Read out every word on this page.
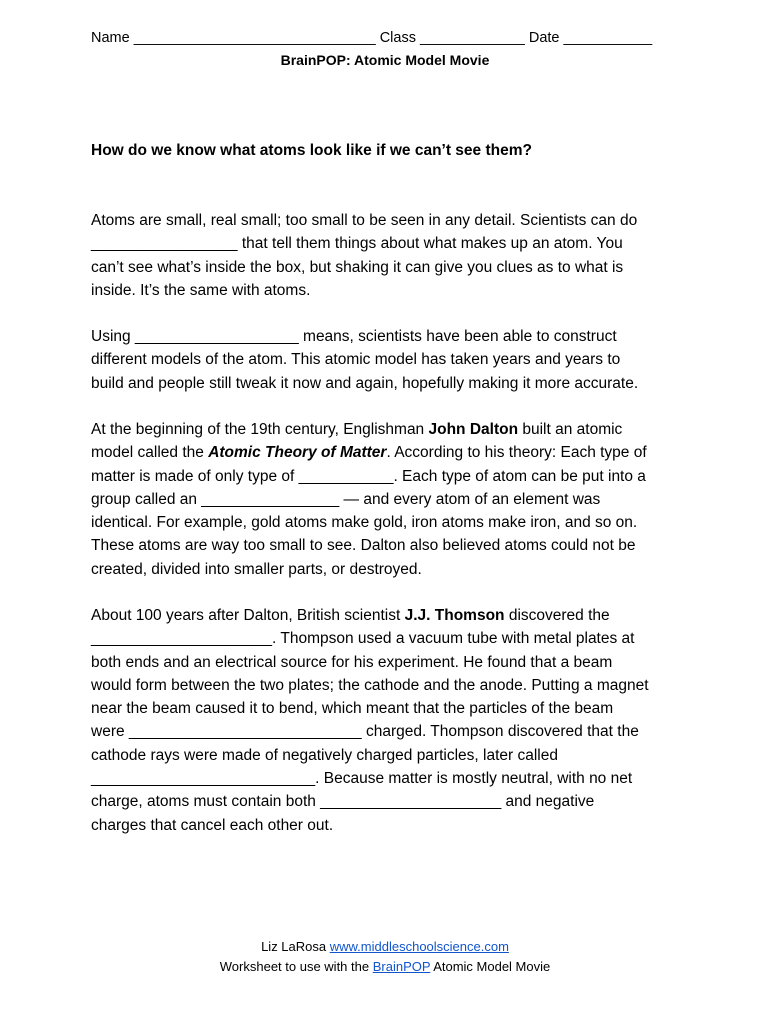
Name ______________________________ Class _____________ Date ___________
BrainPOP: Atomic Model Movie
How do we know what atoms look like if we can’t see them?
Atoms are small, real small; too small to be seen in any detail. Scientists can do
_________________ that tell them things about what makes up an atom. You
can’t see what’s inside the box, but shaking it can give you clues as to what is
inside. It’s the same with atoms.
Using ___________________ means, scientists have been able to construct
different models of the atom. This atomic model has taken years and years to
build and people still tweak it now and again, hopefully making it more accurate.
At the beginning of the 19th century, Englishman John Dalton built an atomic
model called the Atomic Theory of Matter. According to his theory: Each type of
matter is made of only type of ___________. Each type of atom can be put into a
group called an ________________ — and every atom of an element was
identical. For example, gold atoms make gold, iron atoms make iron, and so on.
These atoms are way too small to see. Dalton also believed atoms could not be
created, divided into smaller parts, or destroyed.
About 100 years after Dalton, British scientist J.J. Thomson discovered the
_____________________. Thompson used a vacuum tube with metal plates at
both ends and an electrical source for his experiment. He found that a beam
would form between the two plates; the cathode and the anode. Putting a magnet
near the beam caused it to bend, which meant that the particles of the beam
were ___________________________ charged. Thompson discovered that the
cathode rays were made of negatively charged particles, later called
__________________________. Because matter is mostly neutral, with no net
charge, atoms must contain both _____________________ and negative
charges that cancel each other out.
Liz LaRosa www.middleschoolscience.com
Worksheet to use with the BrainPOP Atomic Model Movie
